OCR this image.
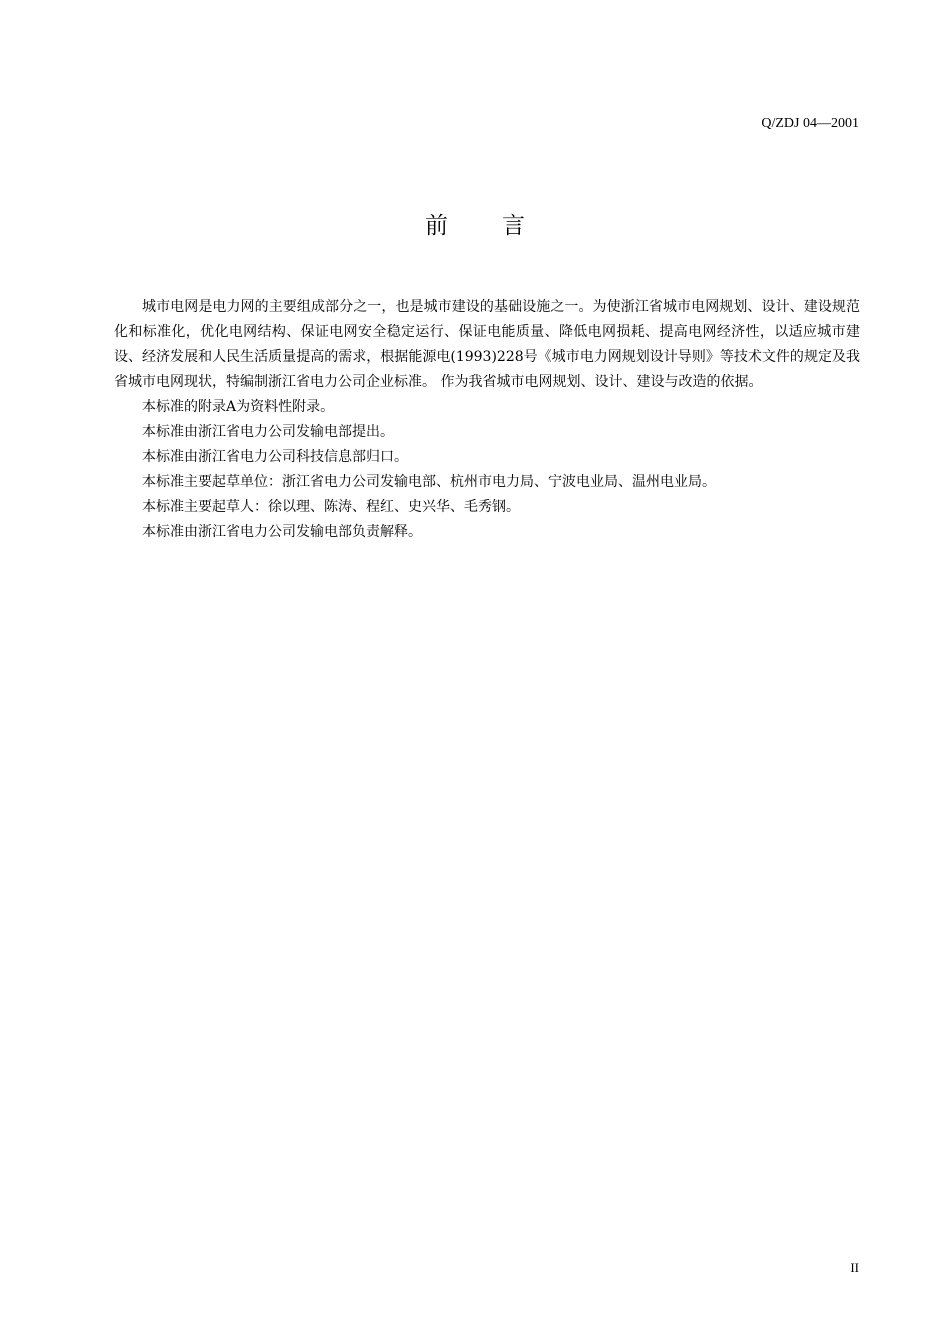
Q/ZDJ 04—2001
前言

城市电网是电力网的主要组成部分之一，也是城市建设的基础设施之一。为使浙江省城市电网规划、设计、建设规范化和标准化，优化电网结构、保证电网安全稳定运行、保证电能质量、降低电网损耗、提高电网经济性，以适应城市建设、经济发展和人民生活质量提高的需求，根据能源电(1993)228号《城市电力网规划设计导则》等技术文件的规定及我省城市电网现状，特编制浙江省电力公司企业标准。 作为我省城市电网规划、设计、建设与改造的依据。

本标准的附录A为资料性附录。

本标准由浙江省电力公司发输电部提出。

本标准由浙江省电力公司科技信息部归口。

本标准主要起草单位：浙江省电力公司发输电部、杭州市电力局、宁波电业局、温州电业局。

本标准主要起草人：徐以理、陈涛、程红、史兴华、毛秀钢。

本标准由浙江省电力公司发输电部负责解释。

II
